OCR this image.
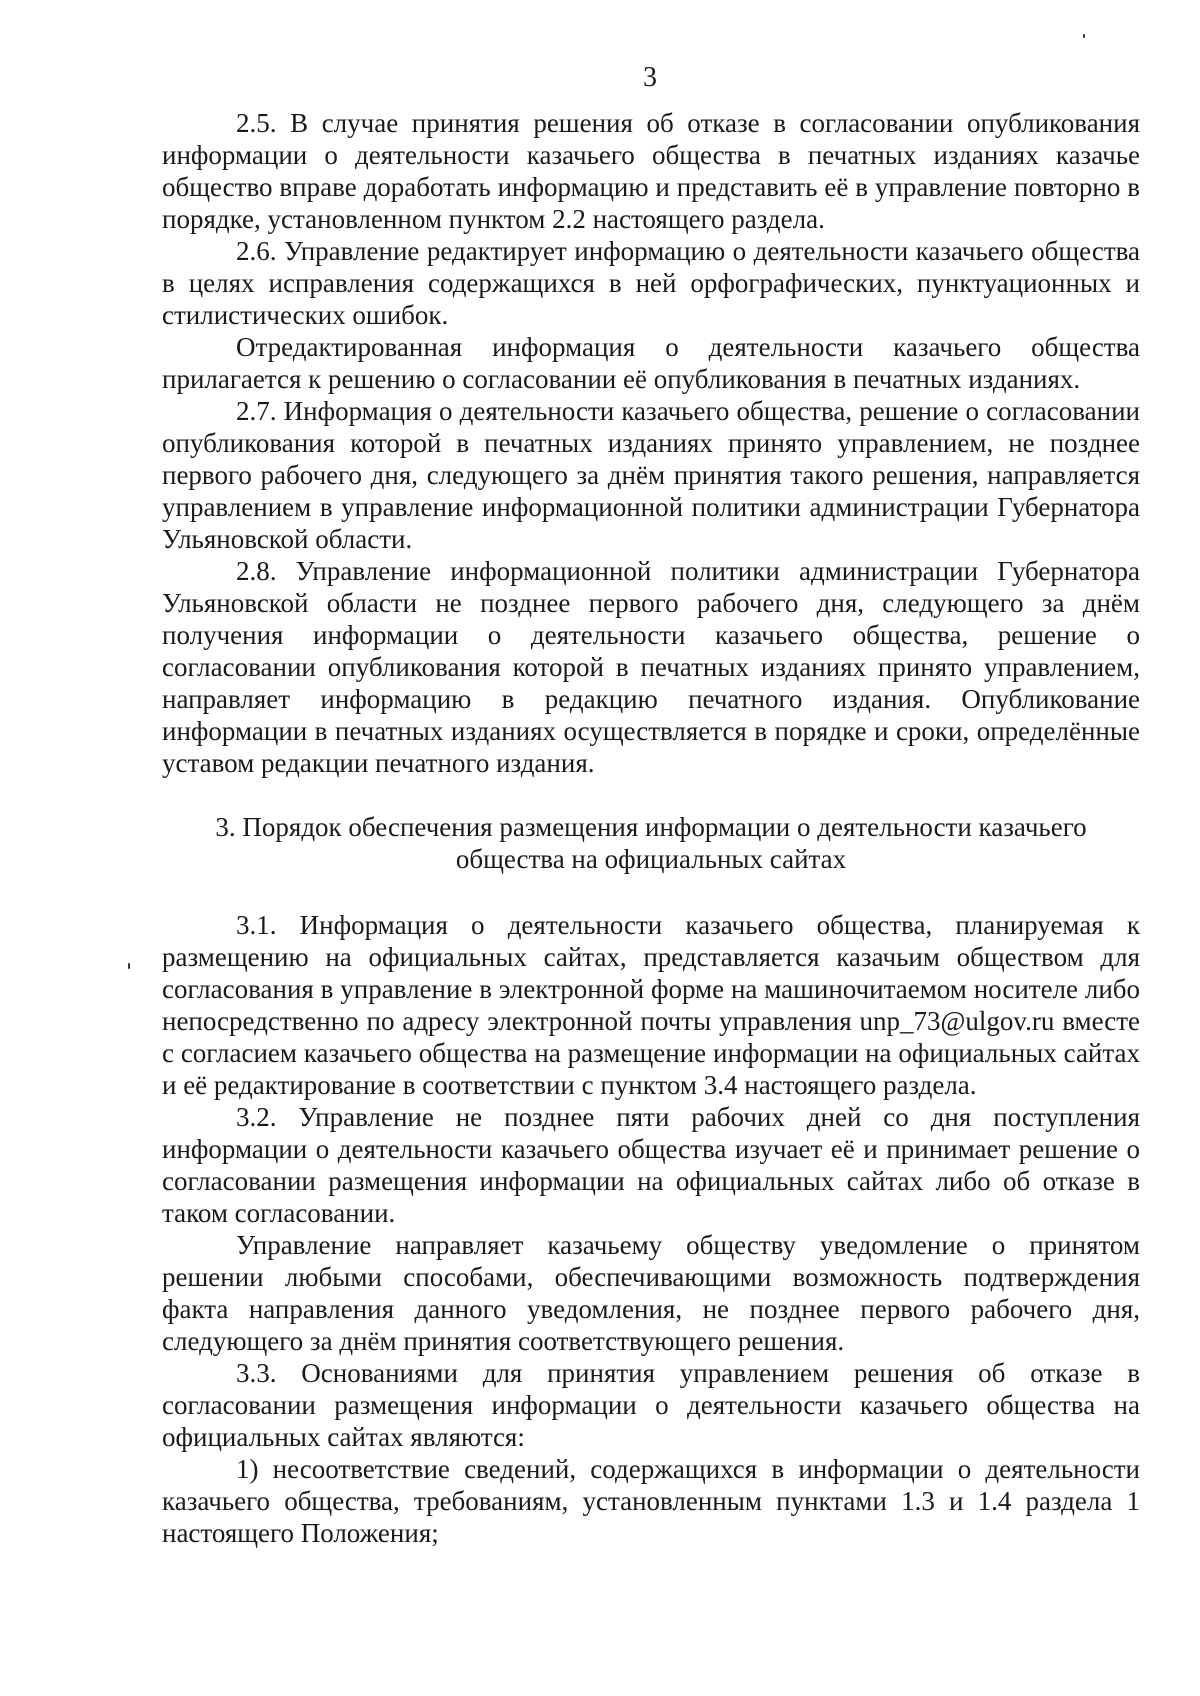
3

2.5. В случае принятия решения об отказе в согласовании опубликования информации о деятельности казачьего общества в печатных изданиях казачье общество вправе доработать информацию и представить её в управление повторно в порядке, установленном пунктом 2.2 настоящего раздела.

2.6. Управление редактирует информацию о деятельности казачьего общества в целях исправления содержащихся в ней орфографических, пунктуационных и стилистических ошибок.

Отредактированная информация о деятельности казачьего общества прилагается к решению о согласовании её опубликования в печатных изданиях.

2.7. Информация о деятельности казачьего общества, решение о согласовании опубликования которой в печатных изданиях принято управлением, не позднее первого рабочего дня, следующего за днём принятия такого решения, направляется управлением в управление информационной политики администрации Губернатора Ульяновской области.

2.8. Управление информационной политики администрации Губернатора Ульяновской области не позднее первого рабочего дня, следующего за днём получения информации о деятельности казачьего общества, решение о согласовании опубликования которой в печатных изданиях принято управлением, направляет информацию в редакцию печатного издания. Опубликование информации в печатных изданиях осуществляется в порядке и сроки, определённые уставом редакции печатного издания.

3. Порядок обеспечения размещения информации о деятельности казачьего
общества на официальных сайтах

3.1. Информация о деятельности казачьего общества, планируемая к размещению на официальных сайтах, представляется казачьим обществом для согласования в управление в электронной форме на машиночитаемом носителе либо непосредственно по адресу электронной почты управления unp_73@ulgov.ru вместе с согласием казачьего общества на размещение информации на официальных сайтах и её редактирование в соответствии с пунктом 3.4 настоящего раздела.

3.2. Управление не позднее пяти рабочих дней со дня поступления информации о деятельности казачьего общества изучает её и принимает решение о согласовании размещения информации на официальных сайтах либо об отказе в таком согласовании.

Управление направляет казачьему обществу уведомление о принятом решении любыми способами, обеспечивающими возможность подтверждения факта направления данного уведомления, не позднее первого рабочего дня, следующего за днём принятия соответствующего решения.

3.3. Основаниями для принятия управлением решения об отказе в согласовании размещения информации о деятельности казачьего общества на официальных сайтах являются:

1) несоответствие сведений, содержащихся в информации о деятельности казачьего общества, требованиям, установленным пунктами 1.3 и 1.4 раздела 1 настоящего Положения;
